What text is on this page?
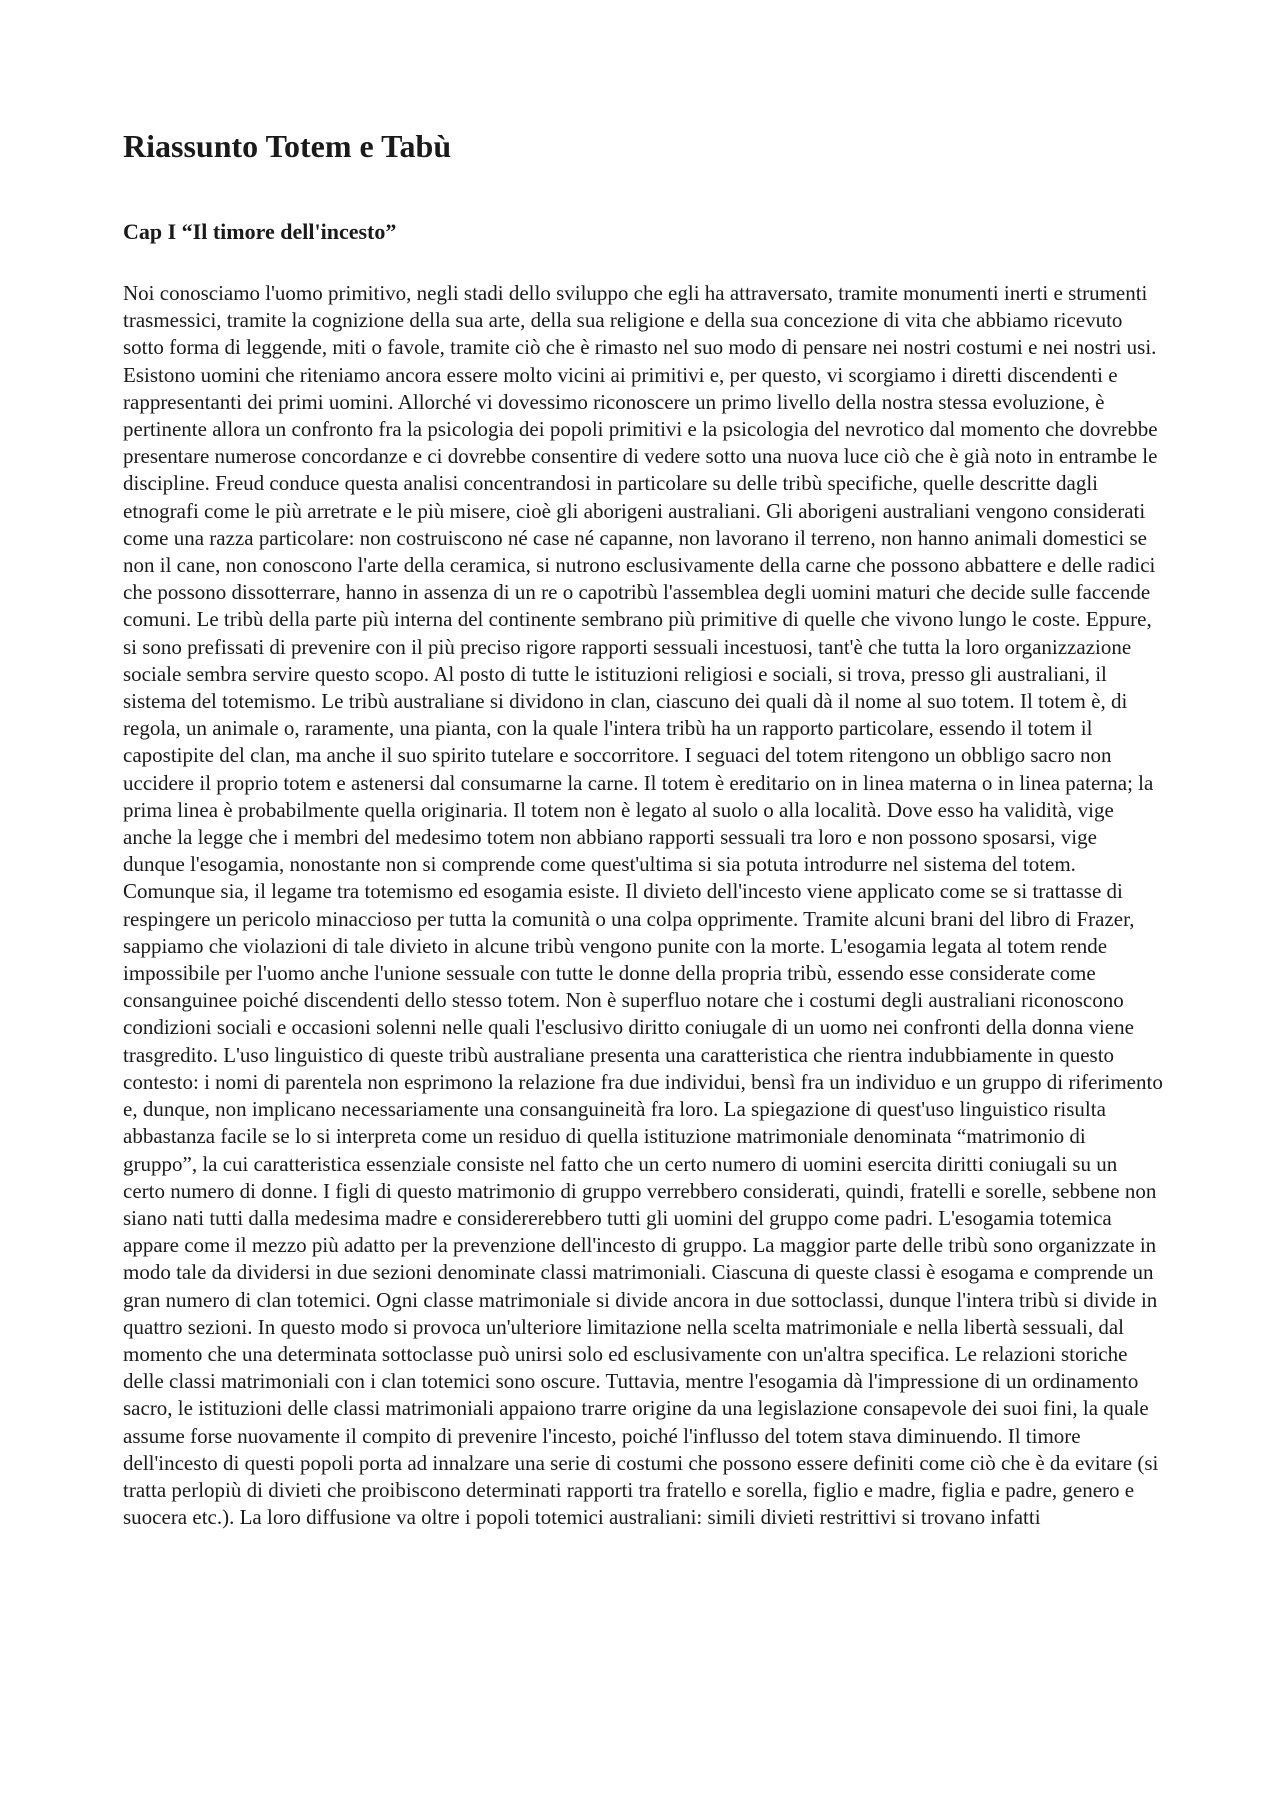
Riassunto Totem e Tabù
Cap I “Il timore dell'incesto”

Noi conosciamo l'uomo primitivo, negli stadi dello sviluppo che egli ha attraversato, tramite monumenti inerti e strumenti trasmessici, tramite la cognizione della sua arte, della sua religione e della sua concezione di vita che abbiamo ricevuto sotto forma di leggende, miti o favole, tramite ciò che è rimasto nel suo modo di pensare nei nostri costumi e nei nostri usi. Esistono uomini che riteniamo ancora essere molto vicini ai primitivi e, per questo, vi scorgiamo i diretti discendenti e rappresentanti dei primi uomini. Allorché vi dovessimo riconoscere un primo livello della nostra stessa evoluzione, è pertinente allora un confronto fra la psicologia dei popoli primitivi e la psicologia del nevrotico dal momento che dovrebbe presentare numerose concordanze e ci dovrebbe consentire di vedere sotto una nuova luce ciò che è già noto in entrambe le discipline. Freud conduce questa analisi concentrandosi in particolare su delle tribù specifiche, quelle descritte dagli etnografi come le più arretrate e le più misere, cioè gli aborigeni australiani. Gli aborigeni australiani vengono considerati come una razza particolare: non costruiscono né case né capanne, non lavorano il terreno, non hanno animali domestici se non il cane, non conoscono l'arte della ceramica, si nutrono esclusivamente della carne che possono abbattere e delle radici che possono dissotterrare, hanno in assenza di un re o capotribù l'assemblea degli uomini maturi che decide sulle faccende comuni. Le tribù della parte più interna del continente sembrano più primitive di quelle che vivono lungo le coste. Eppure, si sono prefissati di prevenire con il più preciso rigore rapporti sessuali incestuosi, tant'è che tutta la loro organizzazione sociale sembra servire questo scopo. Al posto di tutte le istituzioni religiosi e sociali, si trova, presso gli australiani, il sistema del totemismo. Le tribù australiane si dividono in clan, ciascuno dei quali dà il nome al suo totem. Il totem è, di regola, un animale o, raramente, una pianta, con la quale l'intera tribù ha un rapporto particolare, essendo il totem il capostipite del clan, ma anche il suo spirito tutelare e soccorritore. I seguaci del totem ritengono un obbligo sacro non uccidere il proprio totem e astenersi dal consumarne la carne. Il totem è ereditario on in linea materna o in linea paterna; la prima linea è probabilmente quella originaria. Il totem non è legato al suolo o alla località. Dove esso ha validità, vige anche la legge che i membri del medesimo totem non abbiano rapporti sessuali tra loro e non possono sposarsi, vige dunque l'esogamia, nonostante non si comprende come quest'ultima si sia potuta introdurre nel sistema del totem. Comunque sia, il legame tra totemismo ed esogamia esiste. Il divieto dell'incesto viene applicato come se si trattasse di respingere un pericolo minaccioso per tutta la comunità o una colpa opprimente. Tramite alcuni brani del libro di Frazer, sappiamo che violazioni di tale divieto in alcune tribù vengono punite con la morte. L'esogamia legata al totem rende impossibile per l'uomo anche l'unione sessuale con tutte le donne della propria tribù, essendo esse considerate come consanguinee poiché discendenti dello stesso totem. Non è superfluo notare che i costumi degli australiani riconoscono condizioni sociali e occasioni solenni nelle quali l'esclusivo diritto coniugale di un uomo nei confronti della donna viene trasgredito. L'uso linguistico di queste tribù australiane presenta una caratteristica che rientra indubbiamente in questo contesto: i nomi di parentela non esprimono la relazione fra due individui, bensì fra un individuo e un gruppo di riferimento e, dunque, non implicano necessariamente una consanguineità fra loro. La spiegazione di quest'uso linguistico risulta abbastanza facile se lo si interpreta come un residuo di quella istituzione matrimoniale denominata “matrimonio di gruppo”, la cui caratteristica essenziale consiste nel fatto che un certo numero di uomini esercita diritti coniugali su un certo numero di donne. I figli di questo matrimonio di gruppo verrebbero considerati, quindi, fratelli e sorelle, sebbene non siano nati tutti dalla medesima madre e considererebbero tutti gli uomini del gruppo come padri. L'esogamia totemica appare come il mezzo più adatto per la prevenzione dell'incesto di gruppo. La maggior parte delle tribù sono organizzate in modo tale da dividersi in due sezioni denominate classi matrimoniali. Ciascuna di queste classi è esogama e comprende un gran numero di clan totemici. Ogni classe matrimoniale si divide ancora in due sottoclassi, dunque l'intera tribù si divide in quattro sezioni. In questo modo si provoca un'ulteriore limitazione nella scelta matrimoniale e nella libertà sessuali, dal momento che una determinata sottoclasse può unirsi solo ed esclusivamente con un'altra specifica. Le relazioni storiche delle classi matrimoniali con i clan totemici sono oscure. Tuttavia, mentre l'esogamia dà l'impressione di un ordinamento sacro, le istituzioni delle classi matrimoniali appaiono trarre origine da una legislazione consapevole dei suoi fini, la quale assume forse nuovamente il compito di prevenire l'incesto, poiché l'influsso del totem stava diminuendo. Il timore dell'incesto di questi popoli porta ad innalzare una serie di costumi che possono essere definiti come ciò che è da evitare (si tratta perlopiù di divieti che proibiscono determinati rapporti tra fratello e sorella, figlio e madre, figlia e padre, genero e suocera etc.). La loro diffusione va oltre i popoli totemici australiani: simili divieti restrittivi si trovano infatti
